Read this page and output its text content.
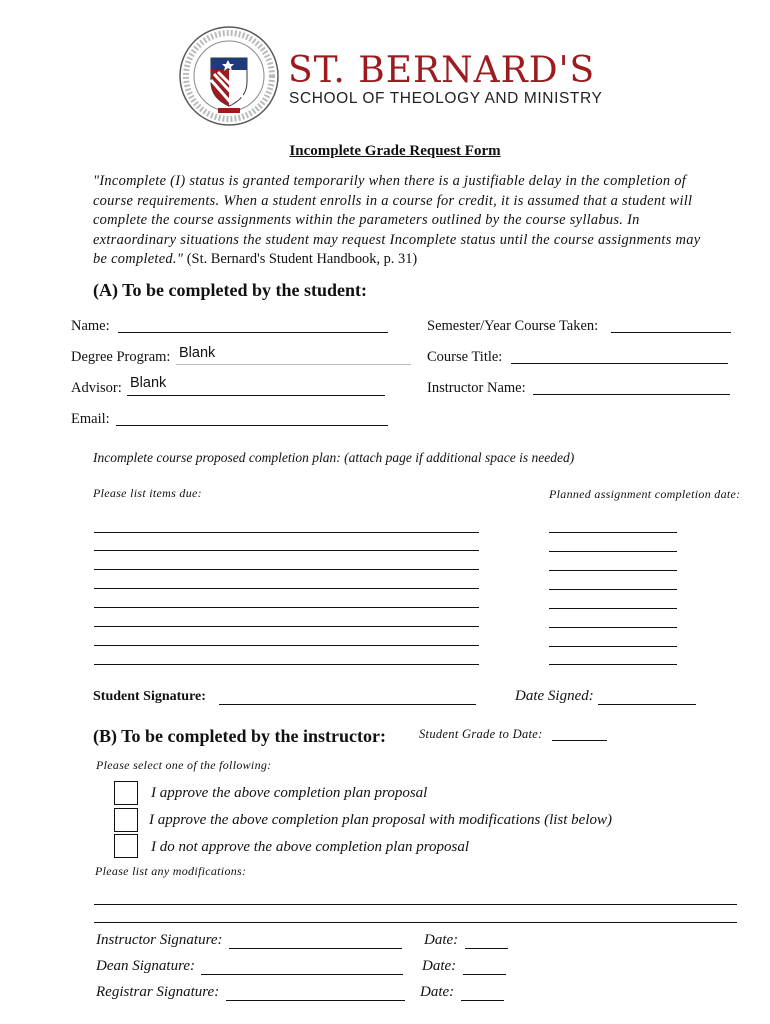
ST. BERNARD'S
SCHOOL OF THEOLOGY AND MINISTRY
Incomplete Grade Request Form
"Incomplete (I) status is granted temporarily when there is a justifiable delay in the completion of course requirements. When a student enrolls in a course for credit, it is assumed that a student will complete the course assignments within the parameters outlined by the course syllabus. In extraordinary situations the student may request Incomplete status until the course assignments may be completed." (St. Bernard's Student Handbook, p. 31)
(A) To be completed by the student:
Name:	Semester/Year Course Taken:
Degree Program: Blank	Course Title:
Advisor: Blank	Instructor Name:
Email:
Incomplete course proposed completion plan: (attach page if additional space is needed)
Please list items due:	Planned assignment completion date:
Student Signature:	Date Signed:
(B) To be completed by the instructor:	Student Grade to Date:
Please select one of the following:
I approve the above completion plan proposal
I approve the above completion plan proposal with modifications (list below)
I do not approve the above completion plan proposal
Please list any modifications:
Instructor Signature:	Date:
Dean Signature:	Date:
Registrar Signature:	Date:
